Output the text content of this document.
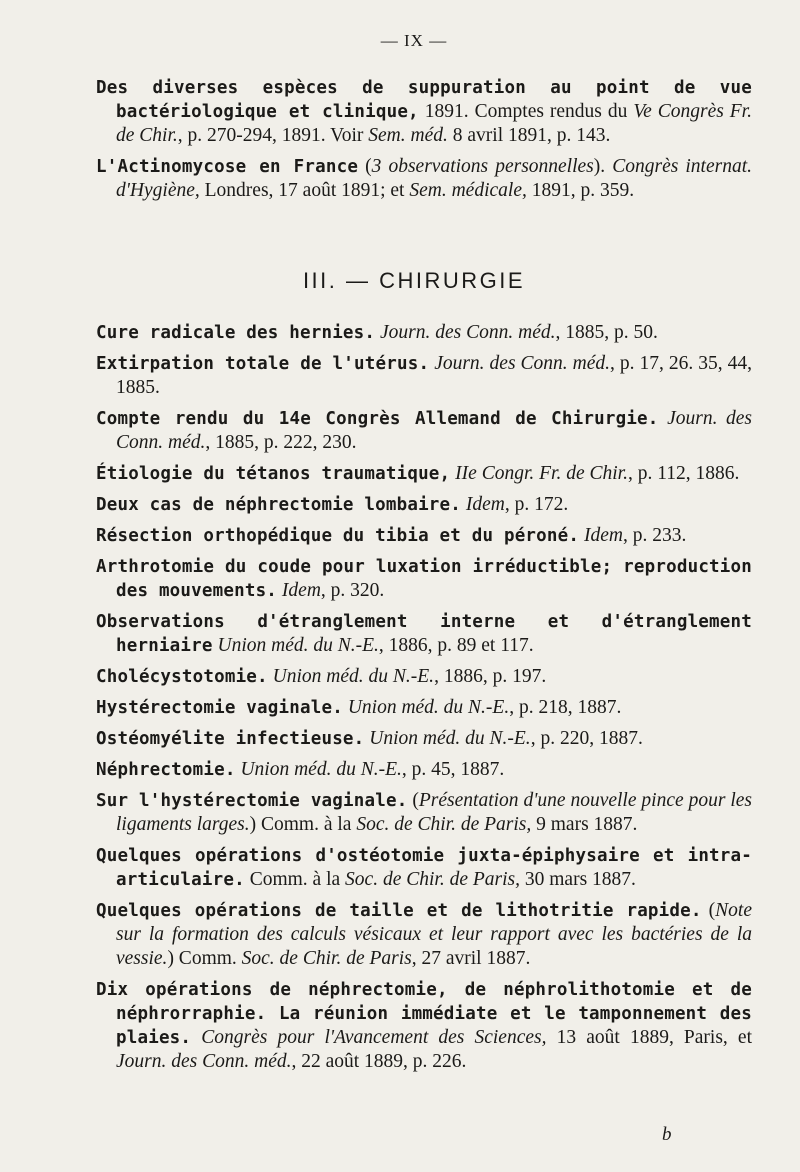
— IX —
Des diverses espèces de suppuration au point de vue bactériologique et clinique, 1891. Comptes rendus du Ve Congrès Fr. de Chir., p. 270-294, 1891. Voir Sem. méd. 8 avril 1891, p. 143.
L'Actinomycose en France (3 observations personnelles). Congrès internat. d'Hygiène, Londres, 17 août 1891; et Sem. médicale, 1891, p. 359.
III. — CHIRURGIE
Cure radicale des hernies. Journ. des Conn. méd., 1885, p. 50.
Extirpation totale de l'utérus. Journ. des Conn. méd., p. 17, 26. 35, 44, 1885.
Compte rendu du 14e Congrès Allemand de Chirurgie. Journ. des Conn. méd., 1885, p. 222, 230.
Étiologie du tétanos traumatique, IIe Congr. Fr. de Chir., p. 112, 1886.
Deux cas de néphrectomie lombaire. Idem, p. 172.
Résection orthopédique du tibia et du péroné. Idem, p. 233.
Arthrotomie du coude pour luxation irréductible; reproduction des mouvements. Idem, p. 320.
Observations d'étranglement interne et d'étranglement herniaire Union méd. du N.-E., 1886, p. 89 et 117.
Cholécystotomie. Union méd. du N.-E., 1886, p. 197.
Hystérectomie vaginale. Union méd. du N.-E., p. 218, 1887.
Ostéomyélite infectieuse. Union méd. du N.-E., p. 220, 1887.
Néphrectomie. Union méd. du N.-E., p. 45, 1887.
Sur l'hystérectomie vaginale. (Présentation d'une nouvelle pince pour les ligaments larges.) Comm. à la Soc. de Chir. de Paris, 9 mars 1887.
Quelques opérations d'ostéotomie juxta-épiphysaire et intra-articulaire. Comm. à la Soc. de Chir. de Paris, 30 mars 1887.
Quelques opérations de taille et de lithotritie rapide. (Note sur la formation des calculs vésicaux et leur rapport avec les bactéries de la vessie.) Comm. Soc. de Chir. de Paris, 27 avril 1887.
Dix opérations de néphrectomie, de néphrolithotomie et de néphrorraphie. La réunion immédiate et le tamponnement des plaies. Congrès pour l'Avancement des Sciences, 13 août 1889, Paris, et Journ. des Conn. méd., 22 août 1889, p. 226.
b
